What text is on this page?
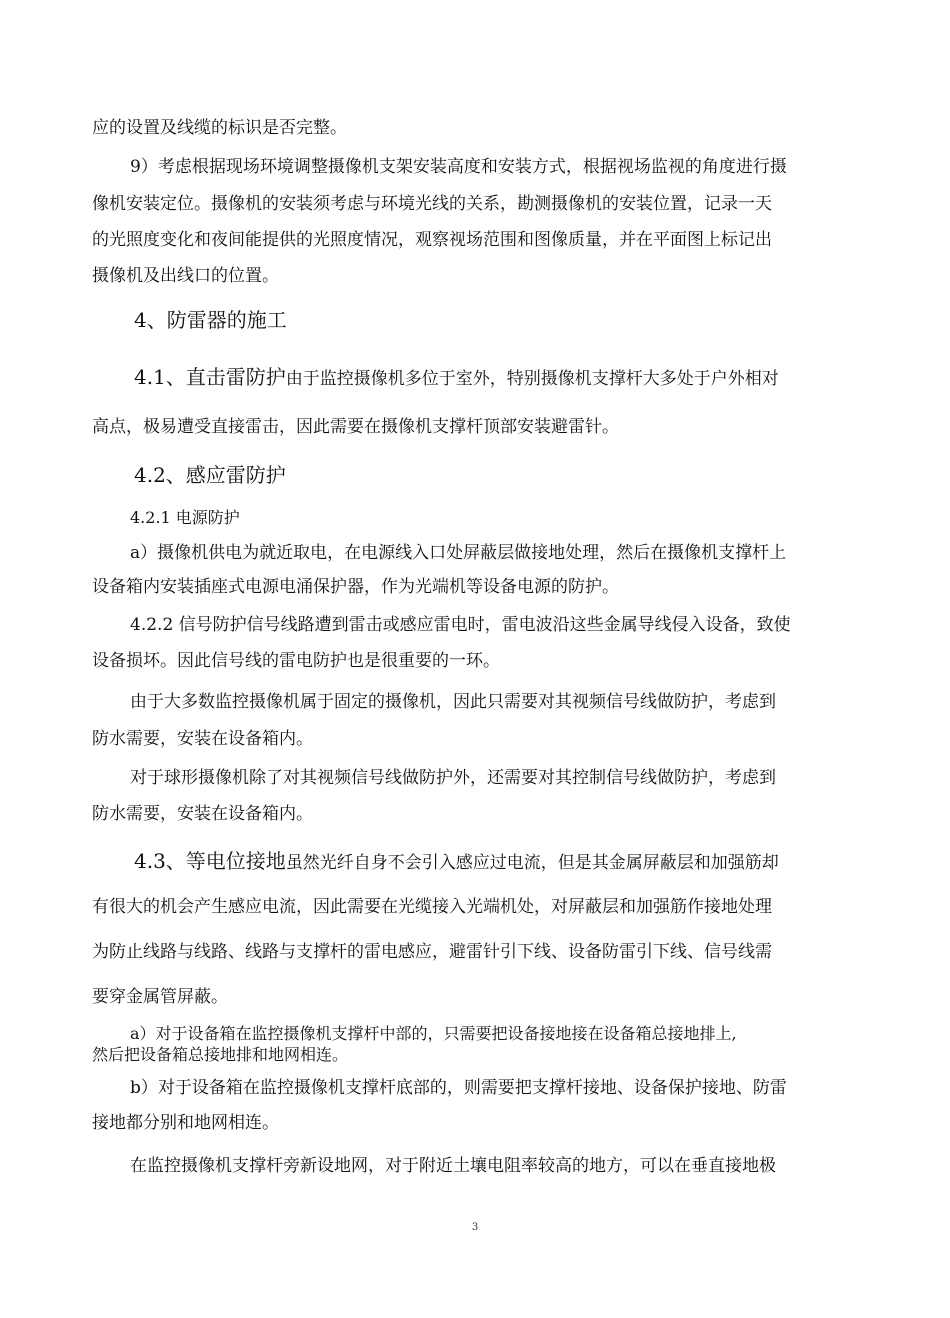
应的设置及线缆的标识是否完整。
9）考虑根据现场环境调整摄像机支架安装高度和安装方式，根据视场监视的角度进行摄
像机安装定位。摄像机的安装须考虑与环境光线的关系，勘测摄像机的安装位置，记录一天
的光照度变化和夜间能提供的光照度情况，观察视场范围和图像质量，并在平面图上标记出
摄像机及出线口的位置。
4、防雷器的施工
4.1、直击雷防护由于监控摄像机多位于室外，特别摄像机支撑杆大多处于户外相对
高点，极易遭受直接雷击，因此需要在摄像机支撑杆顶部安装避雷针。
4.2、感应雷防护
4.2.1 电源防护
a）摄像机供电为就近取电，在电源线入口处屏蔽层做接地处理，然后在摄像机支撑杆上
设备箱内安装插座式电源电涌保护器，作为光端机等设备电源的防护。
4.2.2 信号防护信号线路遭到雷击或感应雷电时，雷电波沿这些金属导线侵入设备，致使
设备损坏。因此信号线的雷电防护也是很重要的一环。
由于大多数监控摄像机属于固定的摄像机，因此只需要对其视频信号线做防护，考虑到
防水需要，安装在设备箱内。
对于球形摄像机除了对其视频信号线做防护外，还需要对其控制信号线做防护，考虑到
防水需要，安装在设备箱内。
4.3、等电位接地虽然光纤自身不会引入感应过电流，但是其金属屏蔽层和加强筋却
有很大的机会产生感应电流，因此需要在光缆接入光端机处，对屏蔽层和加强筋作接地处理
为防止线路与线路、线路与支撑杆的雷电感应，避雷针引下线、设备防雷引下线、信号线需
要穿金属管屏蔽。
a）对于设备箱在监控摄像机支撑杆中部的，只需要把设备接地接在设备箱总接地排上,
然后把设备箱总接地排和地网相连。
b）对于设备箱在监控摄像机支撑杆底部的，则需要把支撑杆接地、设备保护接地、防雷
接地都分别和地网相连。
在监控摄像机支撑杆旁新设地网，对于附近土壤电阻率较高的地方，可以在垂直接地极
3
